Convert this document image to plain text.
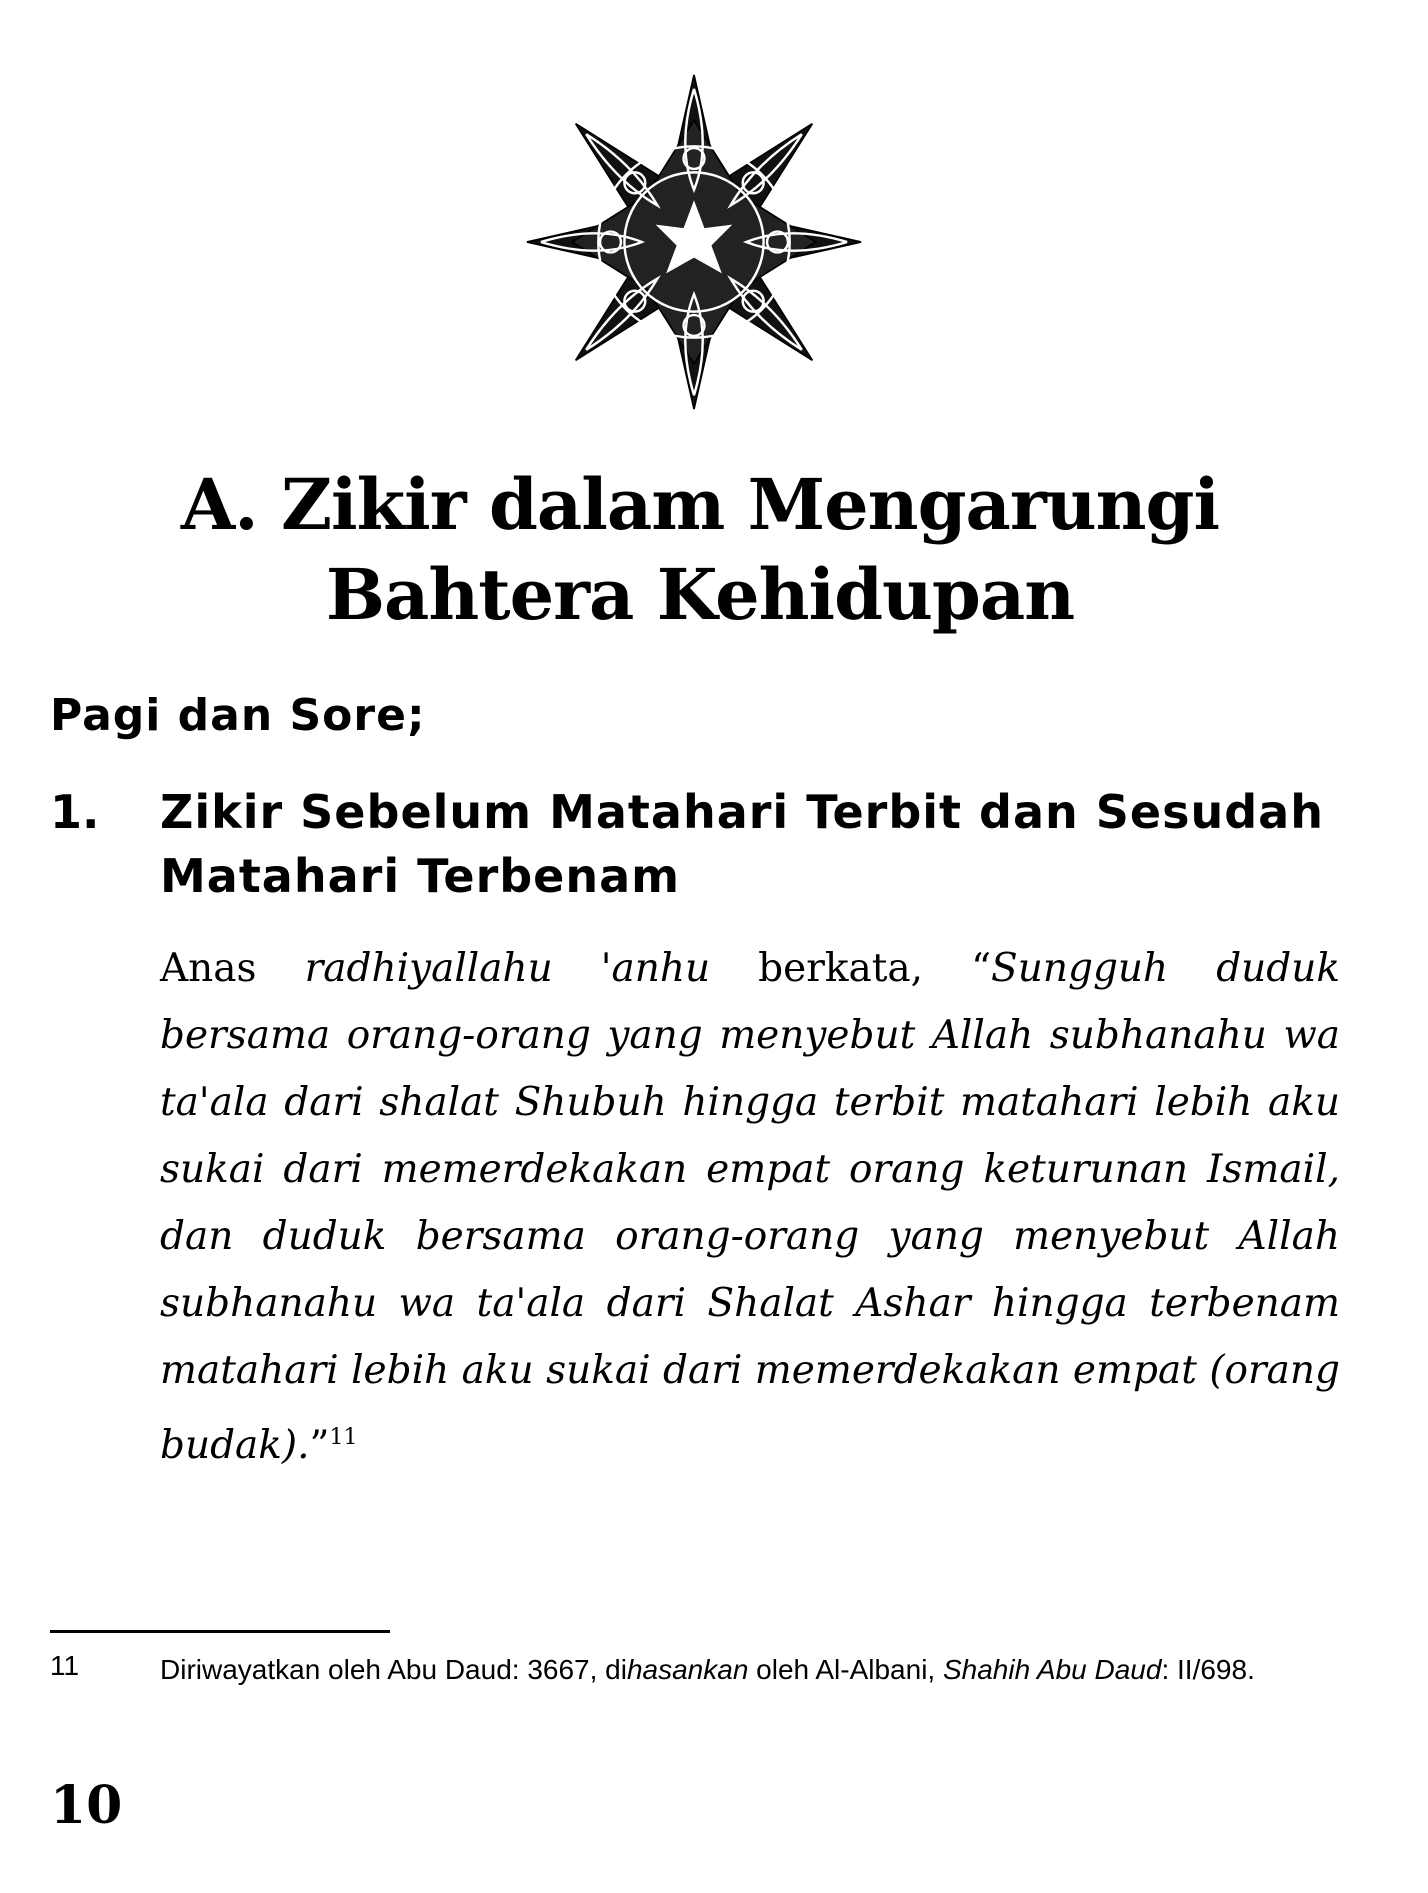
A. Zikir dalam Mengarungi
Bahtera Kehidupan
Pagi dan Sore;
1. Zikir Sebelum Matahari Terbit dan Sesudah Matahari Terbenam

Anas radhiyallahu 'anhu berkata, “Sungguh duduk bersama orang-orang yang menyebut Allah subhanahu wa ta'ala dari shalat Shubuh hingga terbit matahari lebih aku sukai dari memerdekakan empat orang keturunan Ismail, dan duduk bersama orang-orang yang menyebut Allah subhanahu wa ta'ala dari Shalat Ashar hingga terbenam matahari lebih aku sukai dari memerdekakan empat (orang budak).”$^{11}$

11	Diriwayatkan oleh Abu Daud: 3667, dihasankan oleh Al-Albani, Shahih Abu Daud: II/698.
10
